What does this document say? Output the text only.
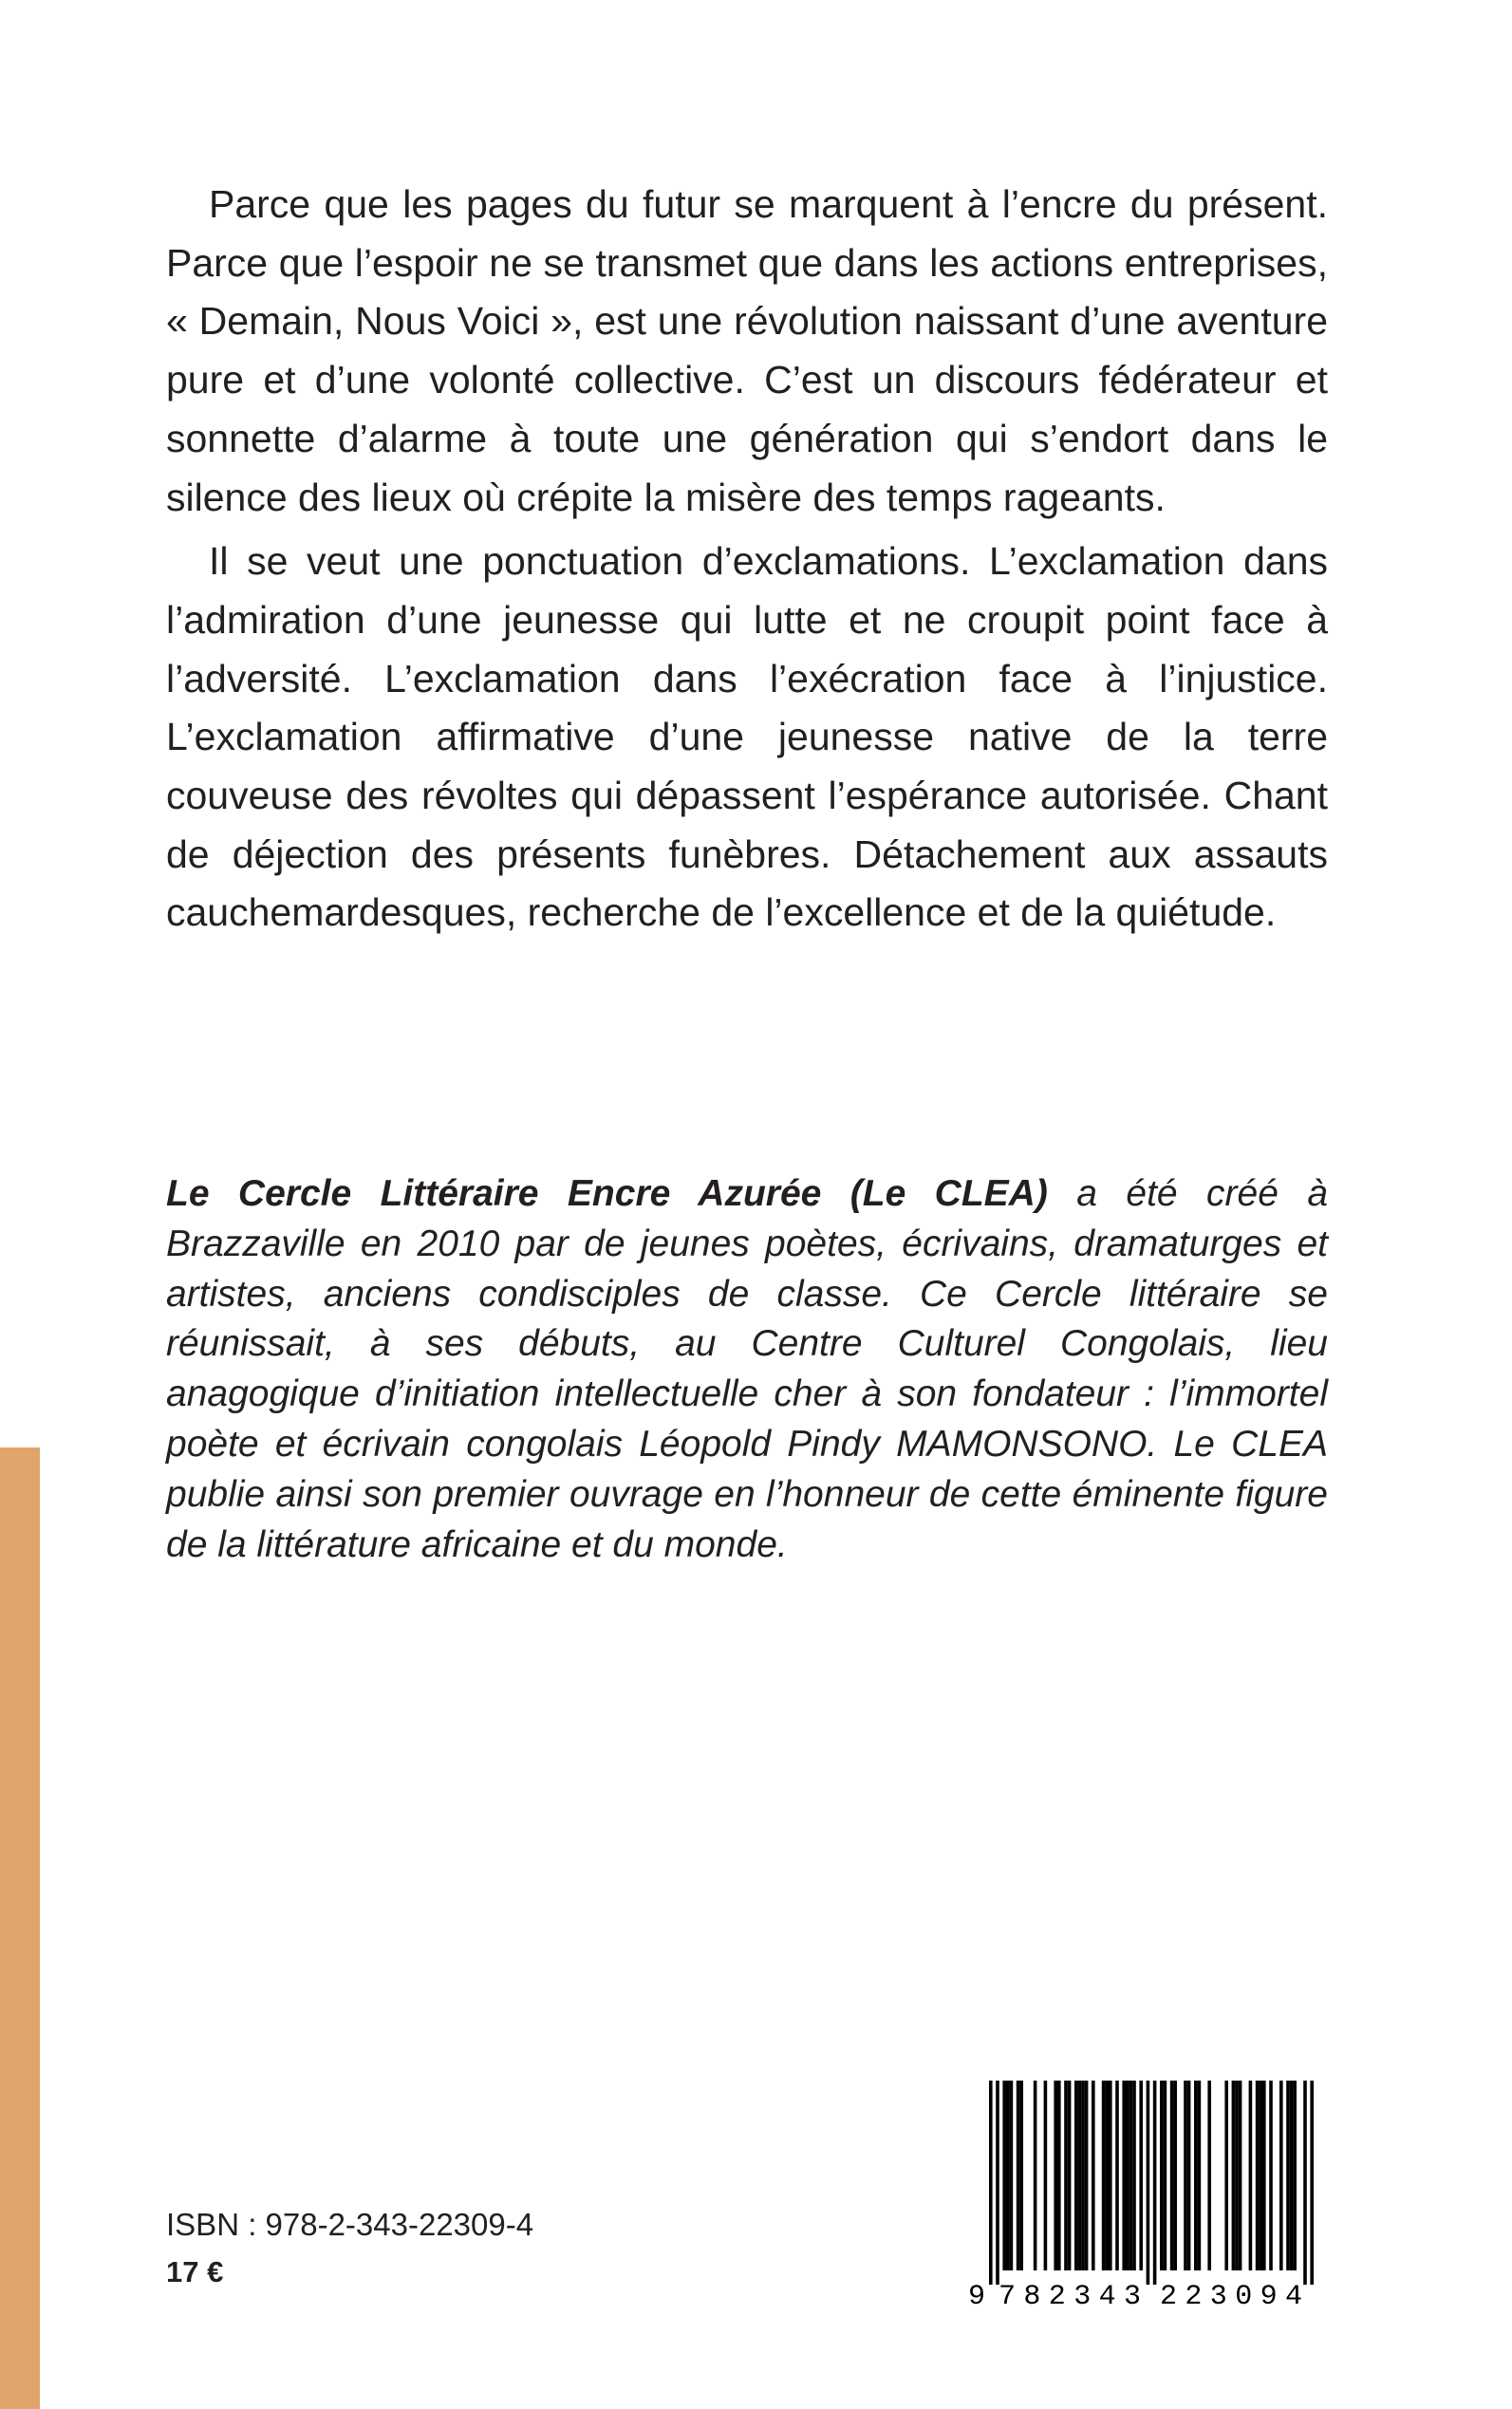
Parce que les pages du futur se marquent à l’encre du présent. Parce que l’espoir ne se transmet que dans les actions entreprises, « Demain, Nous Voici », est une révolution naissant d’une aventure pure et d’une volonté collective. C’est un discours fédérateur et sonnette d’alarme à toute une génération qui s’endort dans le silence des lieux où crépite la misère des temps rageants.

Il se veut une ponctuation d’exclamations. L’exclamation dans l’admiration d’une jeunesse qui lutte et ne croupit point face à l’adversité. L’exclamation dans l’exécration face à l’injustice. L’exclamation affirmative d’une jeunesse native de la terre couveuse des révoltes qui dépassent l’espérance autorisée. Chant de déjection des présents funèbres. Détachement aux assauts cauchemardesques, recherche de l’excellence et de la quiétude.

Le Cercle Littéraire Encre Azurée (Le CLEA) a été créé à Brazzaville en 2010 par de jeunes poètes, écrivains, dramaturges et artistes, anciens condisciples de classe. Ce Cercle littéraire se réunissait, à ses débuts, au Centre Culturel Congolais, lieu anagogique d’initiation intellectuelle cher à son fondateur : l’immortel poète et écrivain congolais Léopold Pindy MAMONSONO. Le CLEA publie ainsi son premier ouvrage en l’honneur de cette éminente figure de la littérature africaine et du monde.

ISBN : 978-2-343-22309-4

17 €

9 782343 223094
